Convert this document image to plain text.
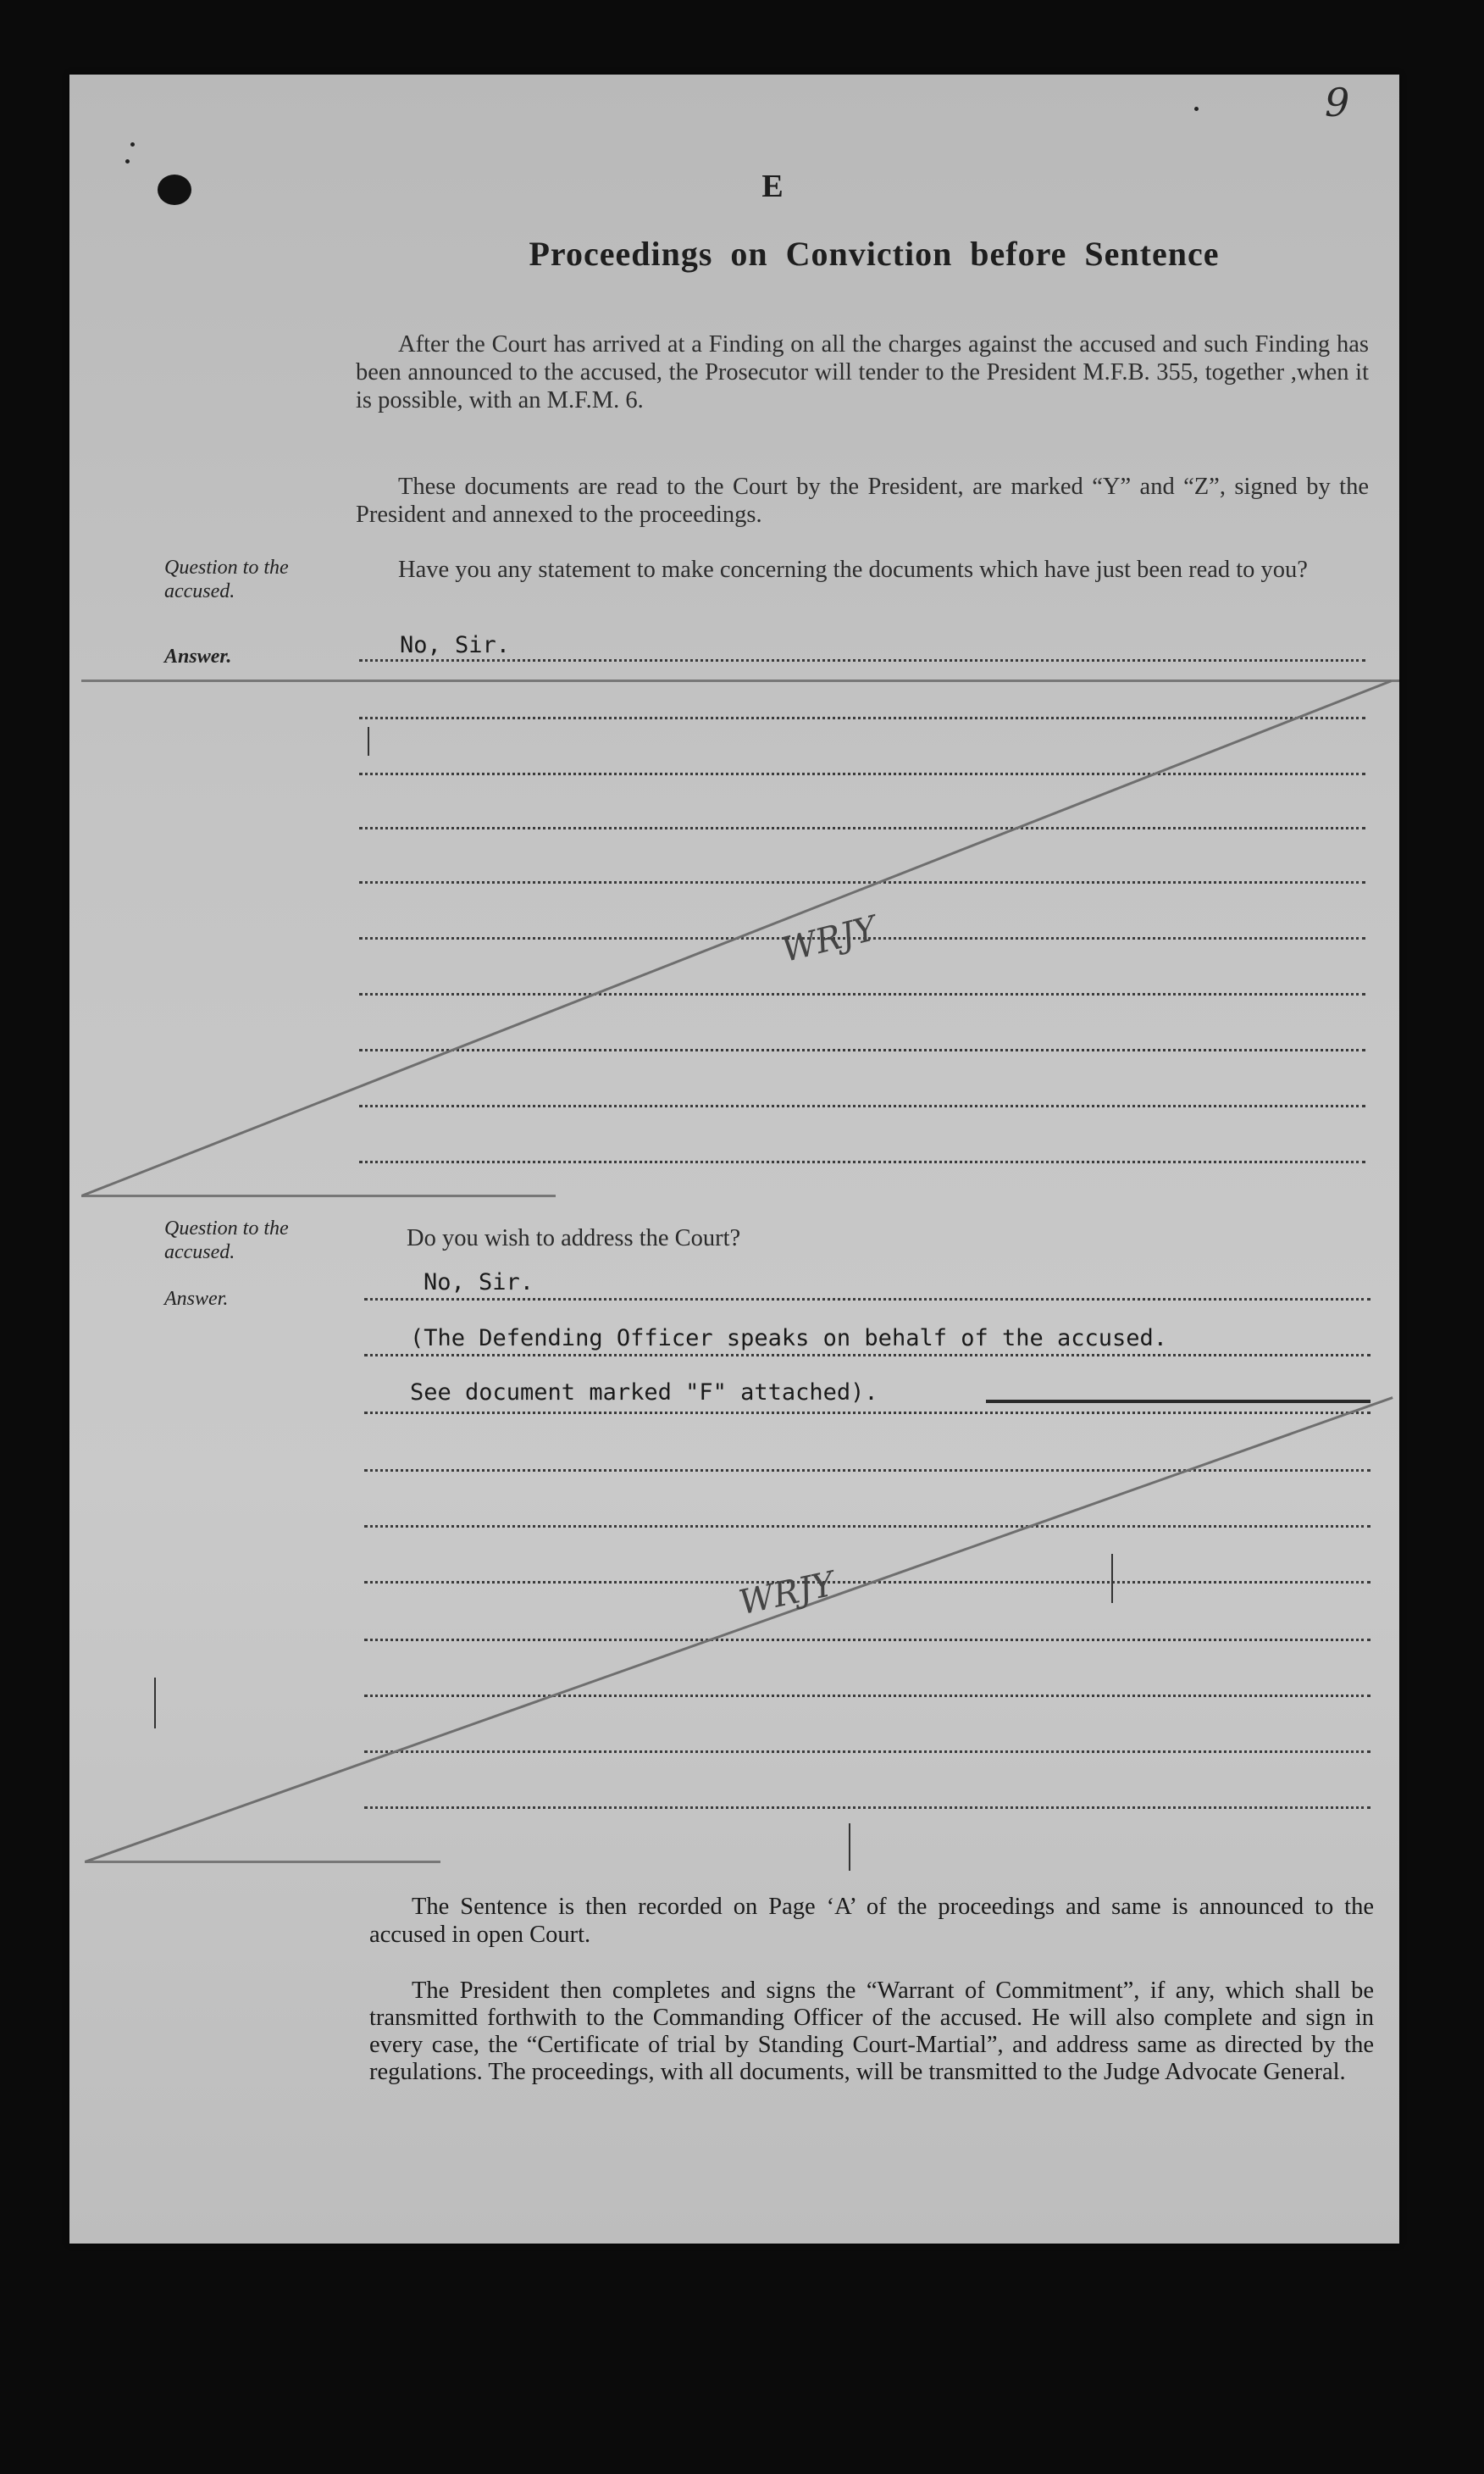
9
E
Proceedings on Conviction before Sentence

After the Court has arrived at a Finding on all the charges against the accused and such Finding has been announced to the accused, the Prosecutor will tender to the President M.F.B. 355, together ,when it is possible, with an M.F.M. 6.

These documents are read to the Court by the President, are marked “Y” and “Z”, signed by the President and annexed to the proceedings.

Question to the accused.

Have you any statement to make concerning the documents which have just been read to you?

Answer.	No, Sir.
WRJY
Question to the accused.
Do you wish to address the Court?
Answer.
No, Sir.
(The Defending Officer speaks on behalf of the accused.
See document marked "F" attached).
WRJY

The Sentence is then recorded on Page ‘A’ of the proceedings and same is announced to the accused in open Court.

The President then completes and signs the “Warrant of Commitment”, if any, which shall be transmitted forthwith to the Commanding Officer of the accused. He will also complete and sign in every case, the “Certificate of trial by Standing Court-Martial”, and address same as directed by the regulations. The proceedings, with all documents, will be transmitted to the Judge Advocate General.
